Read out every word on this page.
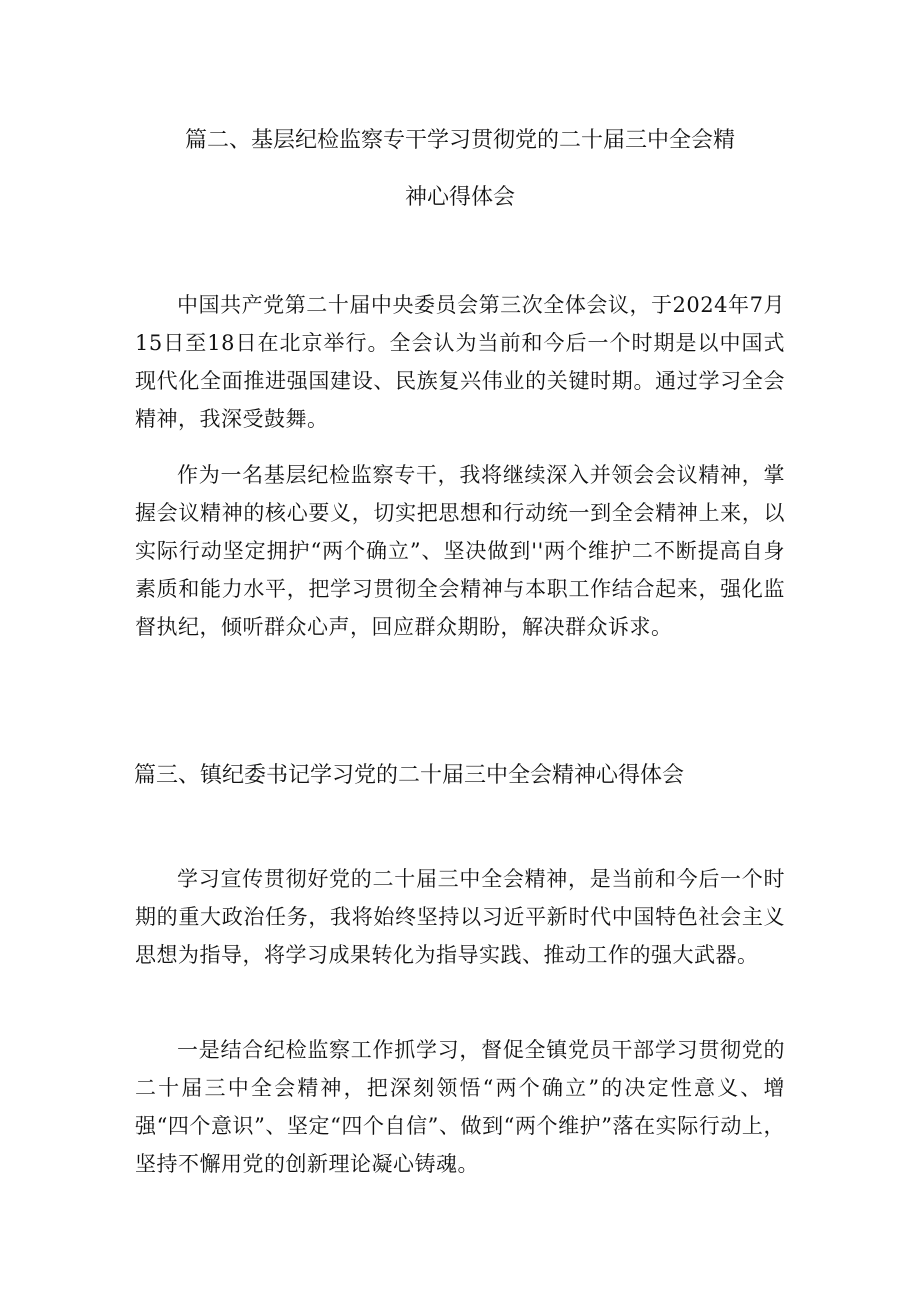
篇二、基层纪检监察专干学习贯彻党的二十届三中全会精
神心得体会

中国共产党第二十届中央委员会第三次全体会议，于2024年7月15日至18日在北京举行。全会认为当前和今后一个时期是以中国式现代化全面推进强国建设、民族复兴伟业的关键时期。通过学习全会精神，我深受鼓舞。

作为一名基层纪检监察专干，我将继续深入并领会会议精神，掌握会议精神的核心要义，切实把思想和行动统一到全会精神上来，以实际行动坚定拥护“两个确立”、坚决做到''两个维护二不断提高自身素质和能力水平，把学习贯彻全会精神与本职工作结合起来，强化监督执纪，倾听群众心声，回应群众期盼，解决群众诉求。

篇三、镇纪委书记学习党的二十届三中全会精神心得体会

学习宣传贯彻好党的二十届三中全会精神，是当前和今后一个时期的重大政治任务，我将始终坚持以习近平新时代中国特色社会主义思想为指导，将学习成果转化为指导实践、推动工作的强大武器。

一是结合纪检监察工作抓学习，督促全镇党员干部学习贯彻党的二十届三中全会精神，把深刻领悟“两个确立”的决定性意义、增强“四个意识”、坚定“四个自信”、做到“两个维护”落在实际行动上，坚持不懈用党的创新理论凝心铸魂。
